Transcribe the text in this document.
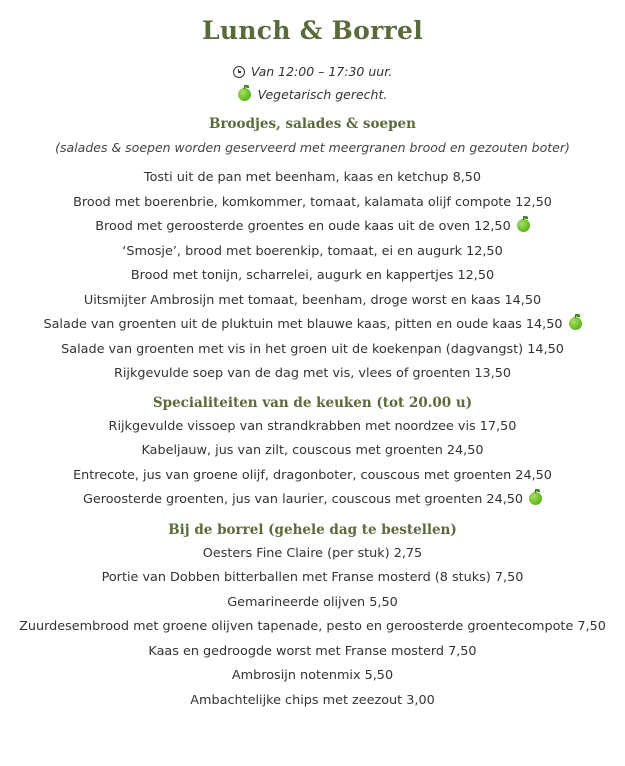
Lunch & Borrel
Van 12:00 – 17:30 uur.
Vegetarisch gerecht.
Broodjes, salades & soepen
(salades & soepen worden geserveerd met meergranen brood en gezouten boter)
Tosti uit de pan met beenham, kaas en ketchup 8,50
Brood met boerenbrie, komkommer, tomaat, kalamata olijf compote 12,50
Brood met geroosterde groentes en oude kaas uit de oven 12,50
‘Smosje’, brood met boerenkip, tomaat, ei en augurk 12,50
Brood met tonijn, scharrelei, augurk en kappertjes 12,50
Uitsmijter Ambrosijn met tomaat, beenham, droge worst en kaas 14,50
Salade van groenten uit de pluktuin met blauwe kaas, pitten en oude kaas 14,50
Salade van groenten met vis in het groen uit de koekenpan (dagvangst) 14,50
Rijkgevulde soep van de dag met vis, vlees of groenten 13,50
Specialiteiten van de keuken (tot 20.00 u)
Rijkgevulde vissoep van strandkrabben met noordzee vis 17,50
Kabeljauw, jus van zilt, couscous met groenten 24,50
Entrecote, jus van groene olijf, dragonboter, couscous met groenten 24,50
Geroosterde groenten, jus van laurier, couscous met groenten 24,50
Bij de borrel (gehele dag te bestellen)
Oesters Fine Claire (per stuk) 2,75
Portie van Dobben bitterballen met Franse mosterd (8 stuks) 7,50
Gemarineerde olijven 5,50
Zuurdesembrood met groene olijven tapenade, pesto en geroosterde groentecompote 7,50
Kaas en gedroogde worst met Franse mosterd 7,50
Ambrosijn notenmix 5,50
Ambachtelijke chips met zeezout 3,00
